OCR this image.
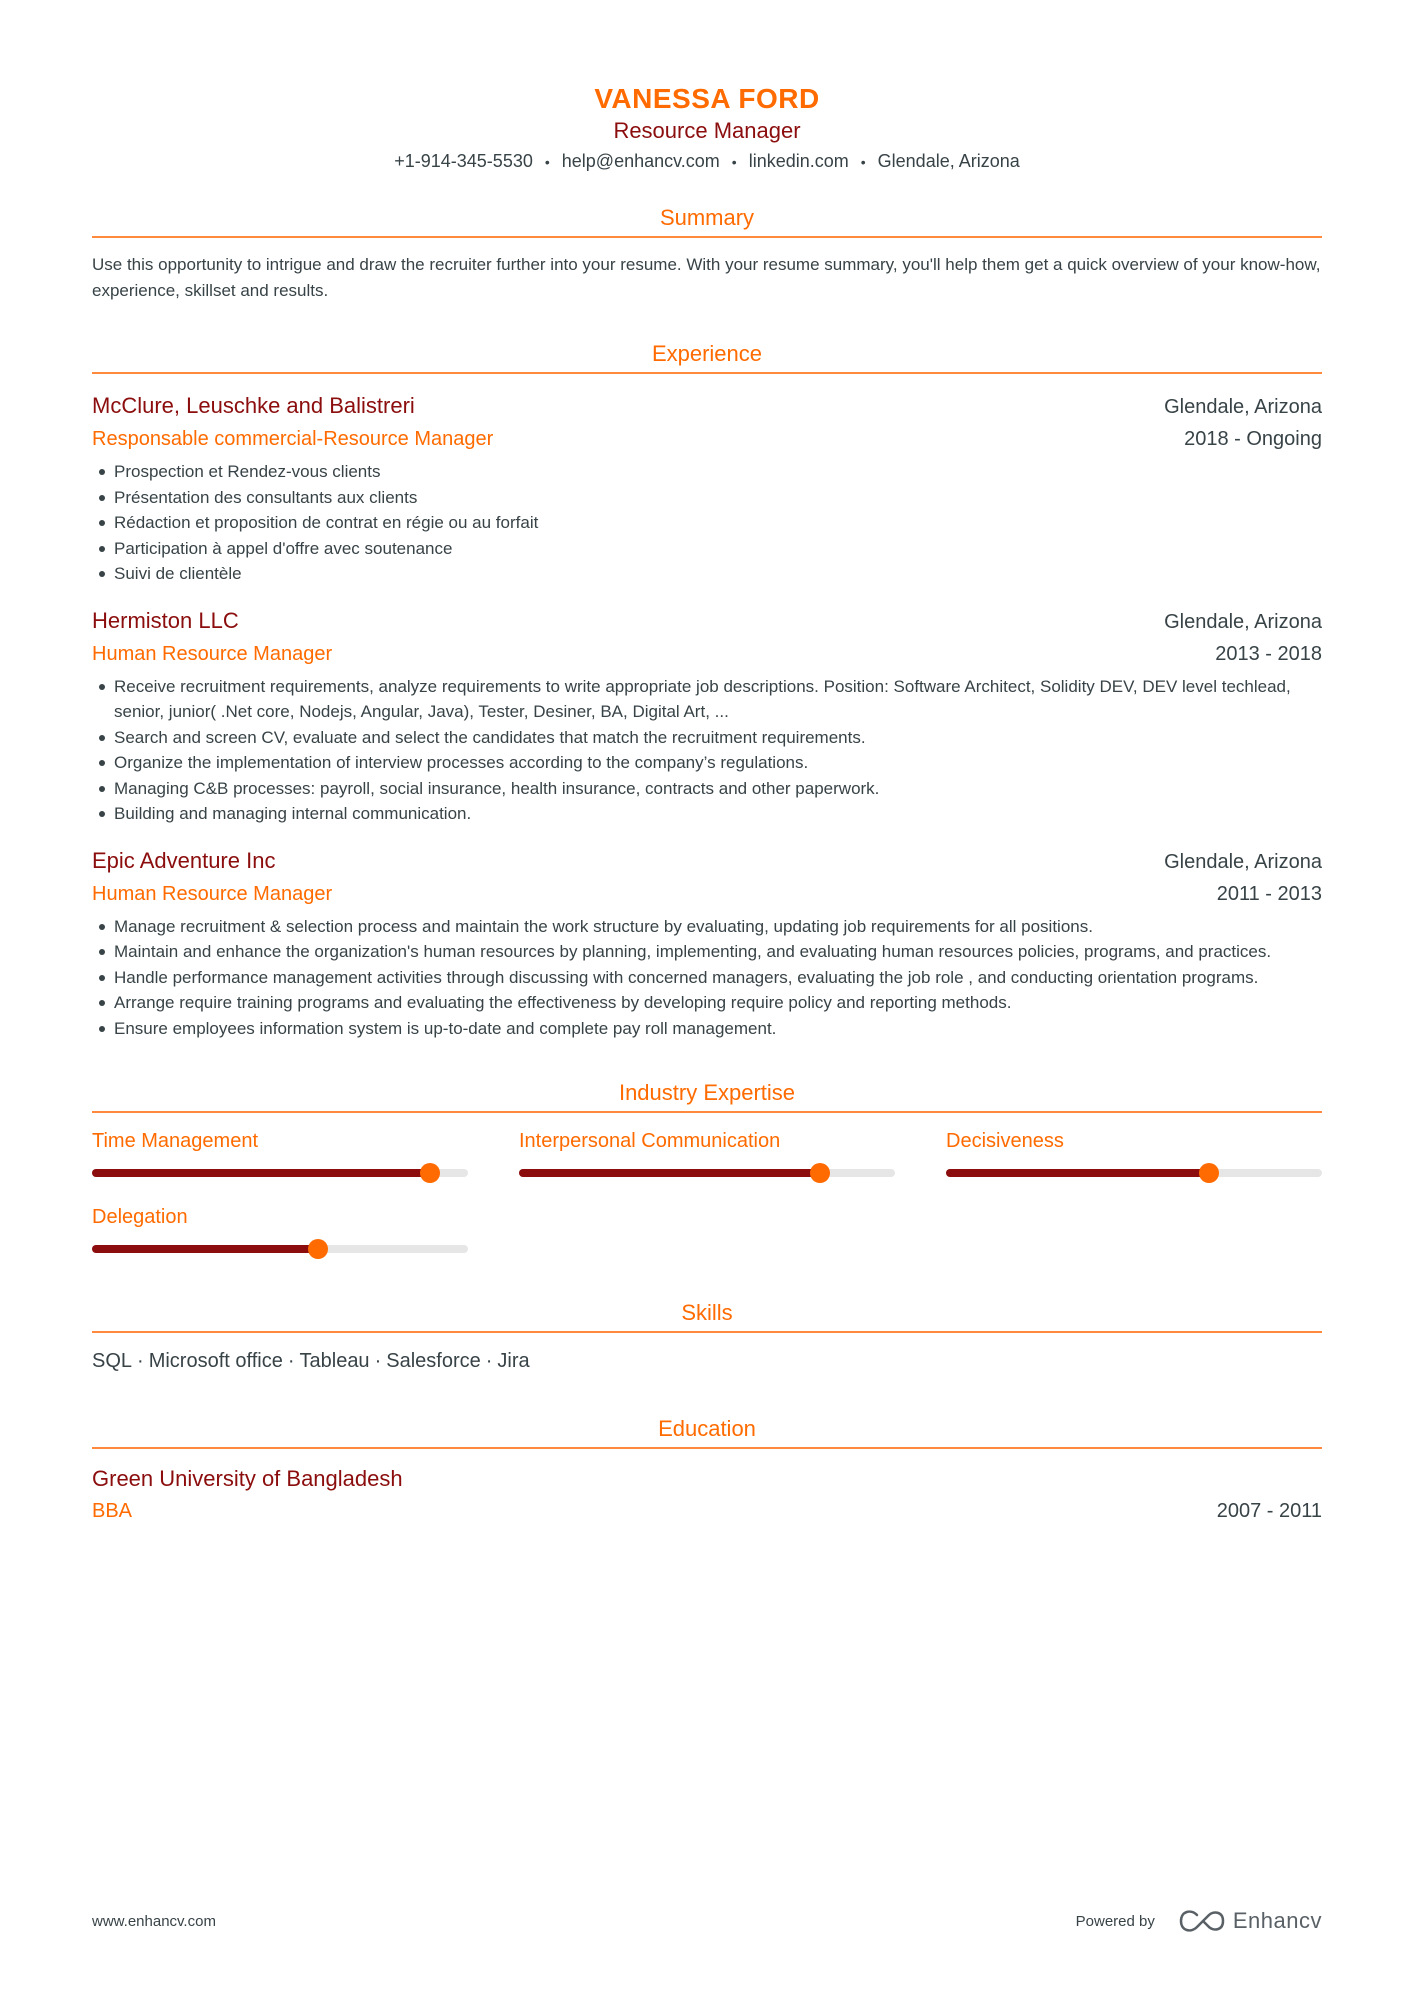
VANESSA FORD
Resource Manager
+1-914-345-5530 • help@enhancv.com • linkedin.com • Glendale, Arizona
Summary
Use this opportunity to intrigue and draw the recruiter further into your resume. With your resume summary, you'll help them get a quick overview of your know-how, experience, skillset and results.
Experience
McClure, Leuschke and Balistreri	Glendale, Arizona
Responsable commercial-Resource Manager	2018 - Ongoing
Prospection et Rendez-vous clients
Présentation des consultants aux clients
Rédaction et proposition de contrat en régie ou au forfait
Participation à appel d'offre avec soutenance
Suivi de clientèle
Hermiston LLC	Glendale, Arizona
Human Resource Manager	2013 - 2018
Receive recruitment requirements, analyze requirements to write appropriate job descriptions. Position: Software Architect, Solidity DEV, DEV level techlead, senior, junior( .Net core, Nodejs, Angular, Java), Tester, Desiner, BA, Digital Art, ...
Search and screen CV, evaluate and select the candidates that match the recruitment requirements.
Organize the implementation of interview processes according to the company’s regulations.
Managing C&B processes: payroll, social insurance, health insurance, contracts and other paperwork.
Building and managing internal communication.
Epic Adventure Inc	Glendale, Arizona
Human Resource Manager	2011 - 2013
Manage recruitment & selection process and maintain the work structure by evaluating, updating job requirements for all positions.
Maintain and enhance the organization's human resources by planning, implementing, and evaluating human resources policies, programs, and practices.
Handle performance management activities through discussing with concerned managers, evaluating the job role , and conducting orientation programs.
Arrange require training programs and evaluating the effectiveness by developing require policy and reporting methods.
Ensure employees information system is up-to-date and complete pay roll management.
Industry Expertise
Time Management	Interpersonal Communication	Decisiveness
Delegation
Skills
SQL · Microsoft office · Tableau · Salesforce · Jira
Education
Green University of Bangladesh
BBA	2007 - 2011
www.enhancv.com	Powered by	Enhancv
